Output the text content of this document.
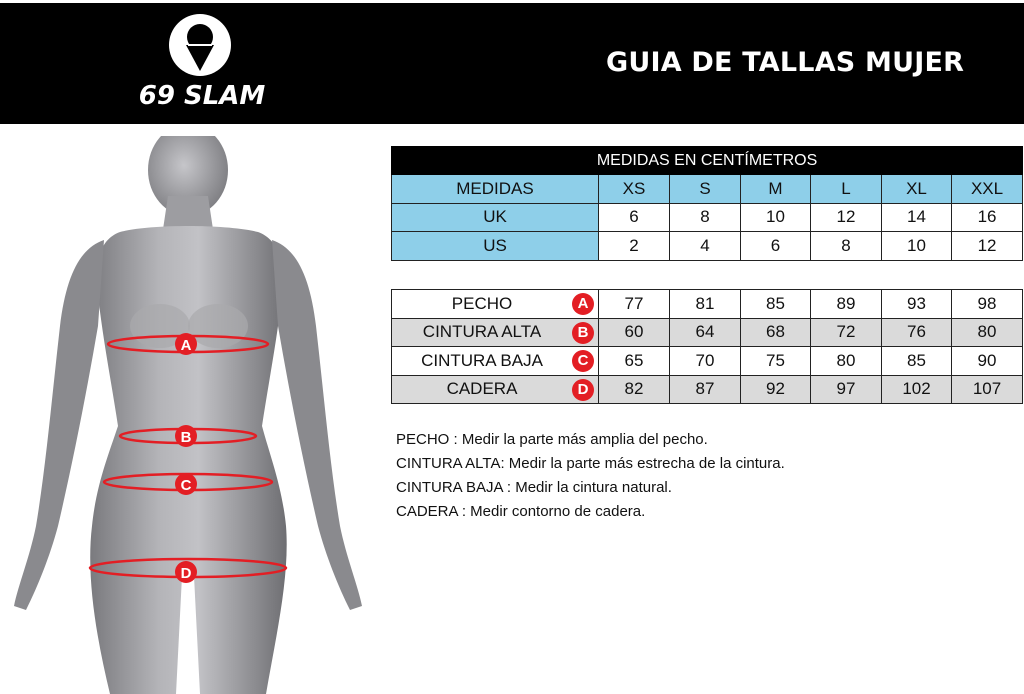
69 SLAM
GUIA DE TALLAS MUJER
A
B
C
D
MEDIDAS EN CENTÍMETROS						
MEDIDAS	XS	S	M	L	XL	XXL
UK	6	8	10	12	14	16
US	2	4	6	8	10	12
PECHO A	77	81	85	89	93	98
CINTURA ALTA B	60	64	68	72	76	80
CINTURA BAJA C	65	70	75	80	85	90
CADERA D	82	87	92	97	102	107
PECHO : Medir la parte más amplia del pecho.
CINTURA ALTA: Medir la parte más estrecha de la cintura.
CINTURA BAJA : Medir la cintura natural.
CADERA : Medir contorno de cadera.
